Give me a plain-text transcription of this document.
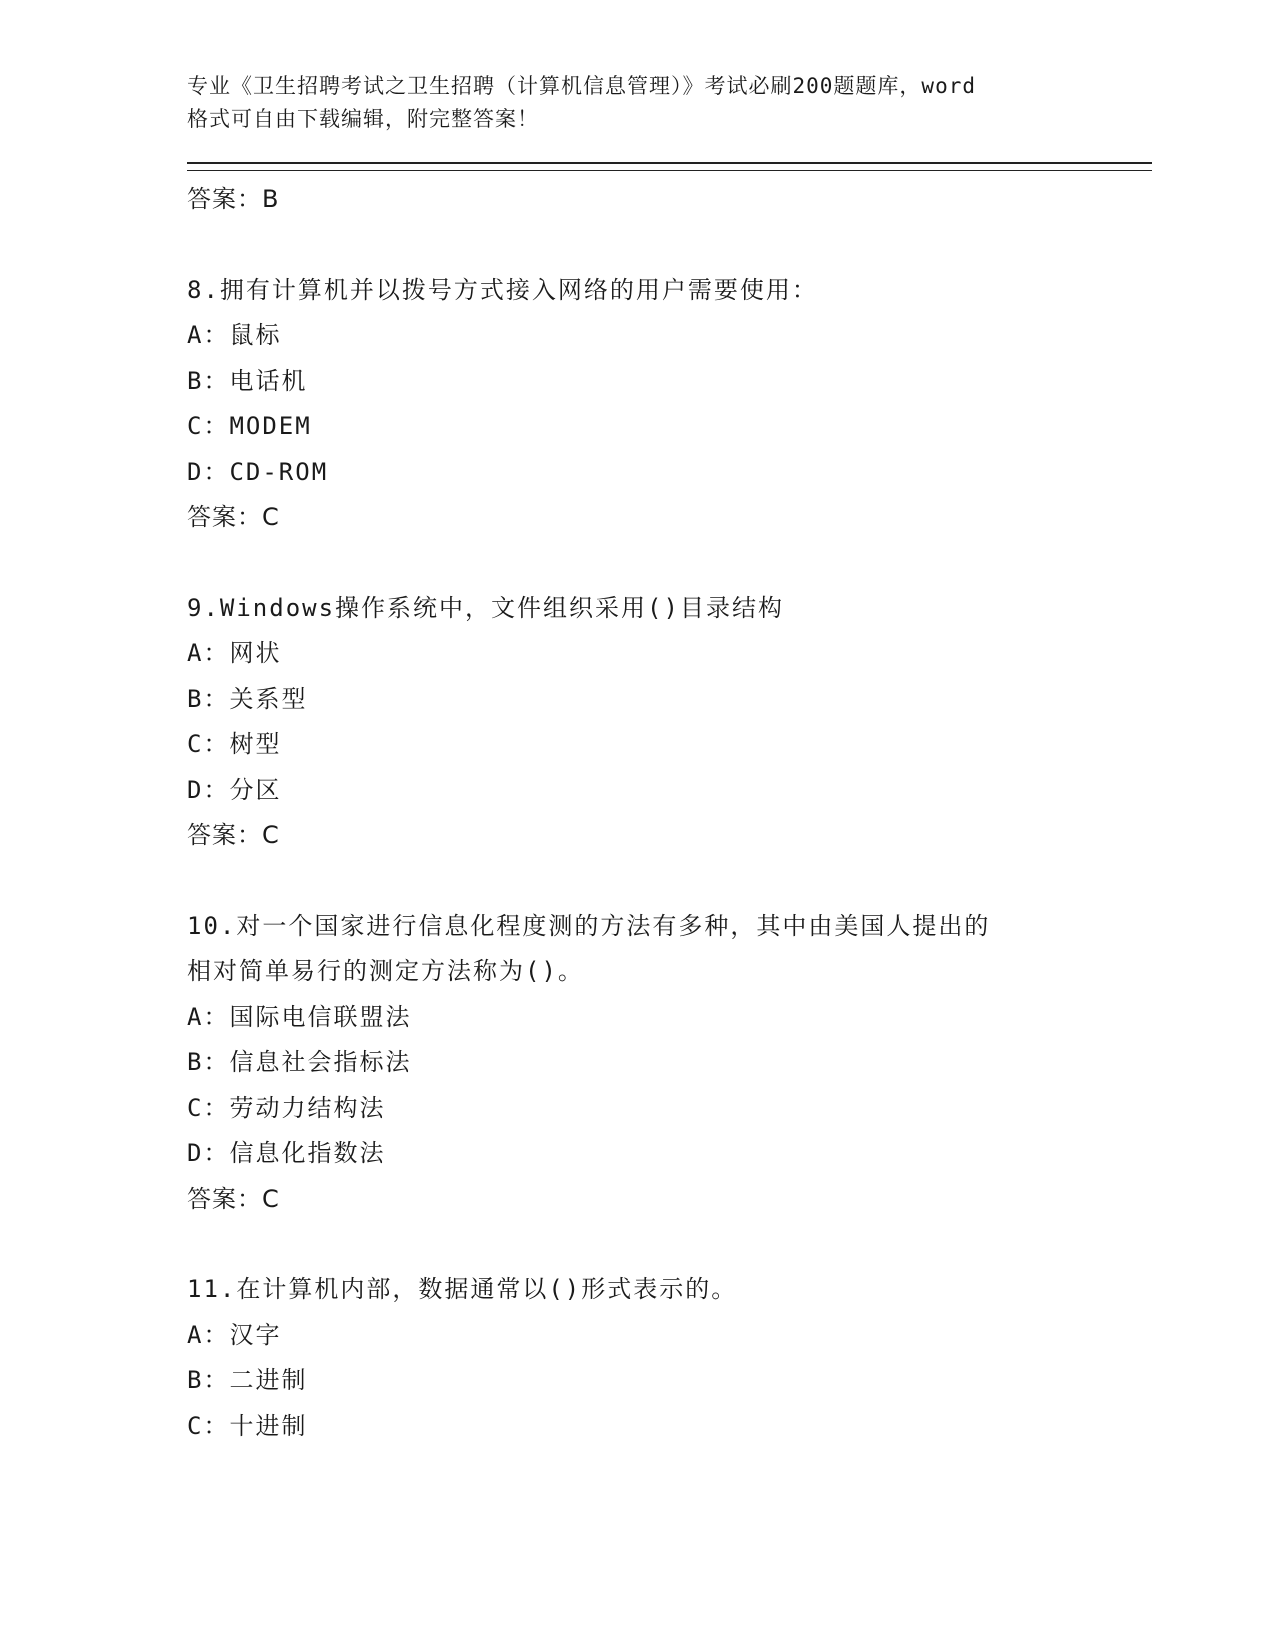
专业《卫生招聘考试之卫生招聘（计算机信息管理）》考试必刷200题题库，word

格式可自由下载编辑，附完整答案！

答案：B

8.拥有计算机并以拨号方式接入网络的用户需要使用：

A：鼠标

B：电话机

C：MODEM

D：CD-ROM

答案：C

9.Windows操作系统中，文件组织采用()目录结构

A：网状

B：关系型

C：树型

D：分区

答案：C

10.对一个国家进行信息化程度测的方法有多种，其中由美国人提出的

相对简单易行的测定方法称为()。

A：国际电信联盟法

B：信息社会指标法

C：劳动力结构法

D：信息化指数法

答案：C

11.在计算机内部，数据通常以()形式表示的。

A：汉字

B：二进制

C：十进制
